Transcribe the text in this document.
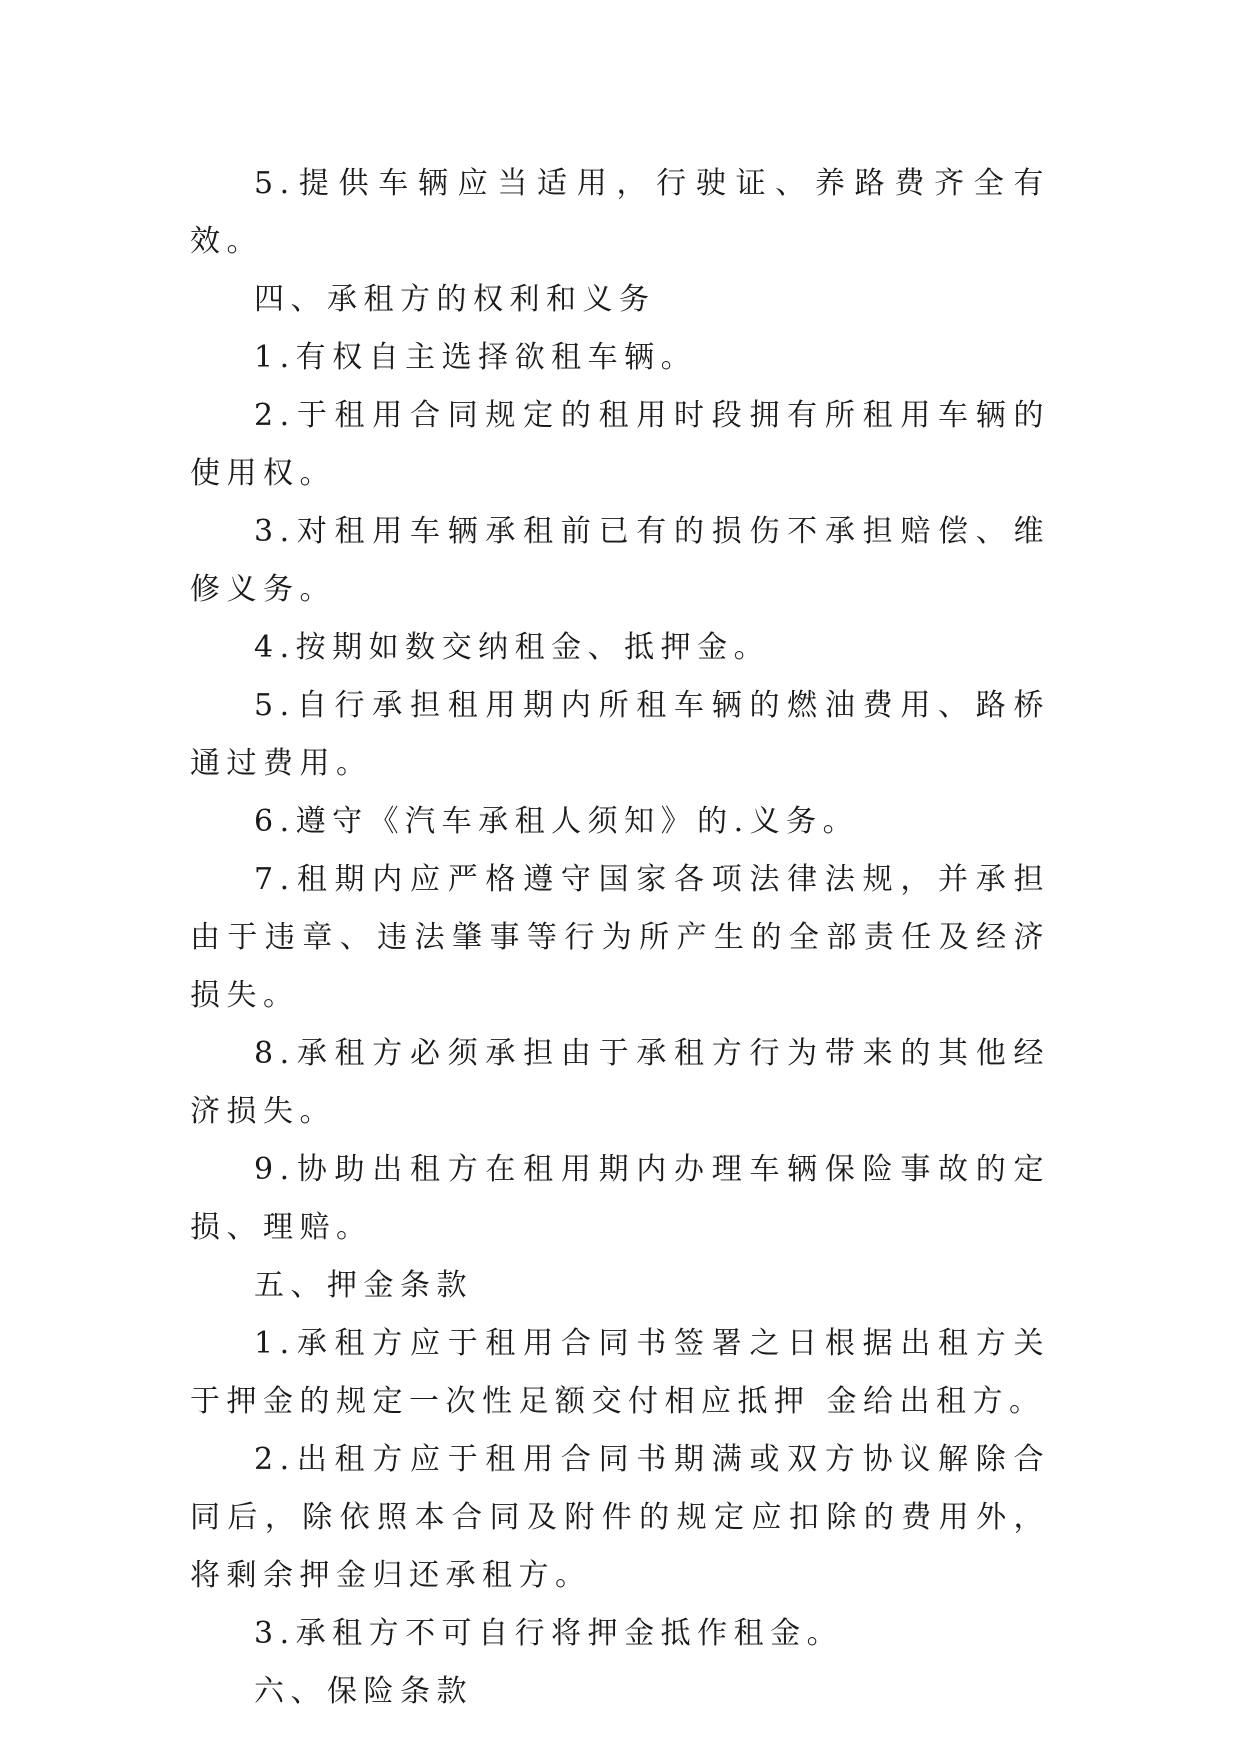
5.提供车辆应当适用，行驶证、养路费齐全有效。

四、承租方的权利和义务

1.有权自主选择欲租车辆。

2.于租用合同规定的租用时段拥有所租用车辆的使用权。

3.对租用车辆承租前已有的损伤不承担赔偿、维修义务。

4.按期如数交纳租金、抵押金。

5.自行承担租用期内所租车辆的燃油费用、路桥通过费用。

6.遵守《汽车承租人须知》的.义务。

7.租期内应严格遵守国家各项法律法规，并承担由于违章、违法肇事等行为所产生的全部责任及经济损失。

8.承租方必须承担由于承租方行为带来的其他经济损失。

9.协助出租方在租用期内办理车辆保险事故的定损、理赔。

五、押金条款

1.承租方应于租用合同书签署之日根据出租方关于押金的规定一次性足额交付相应抵押 金给出租方。

2.出租方应于租用合同书期满或双方协议解除合同后，除依照本合同及附件的规定应扣除的费用外，将剩余押金归还承租方。

3.承租方不可自行将押金抵作租金。

六、保险条款
